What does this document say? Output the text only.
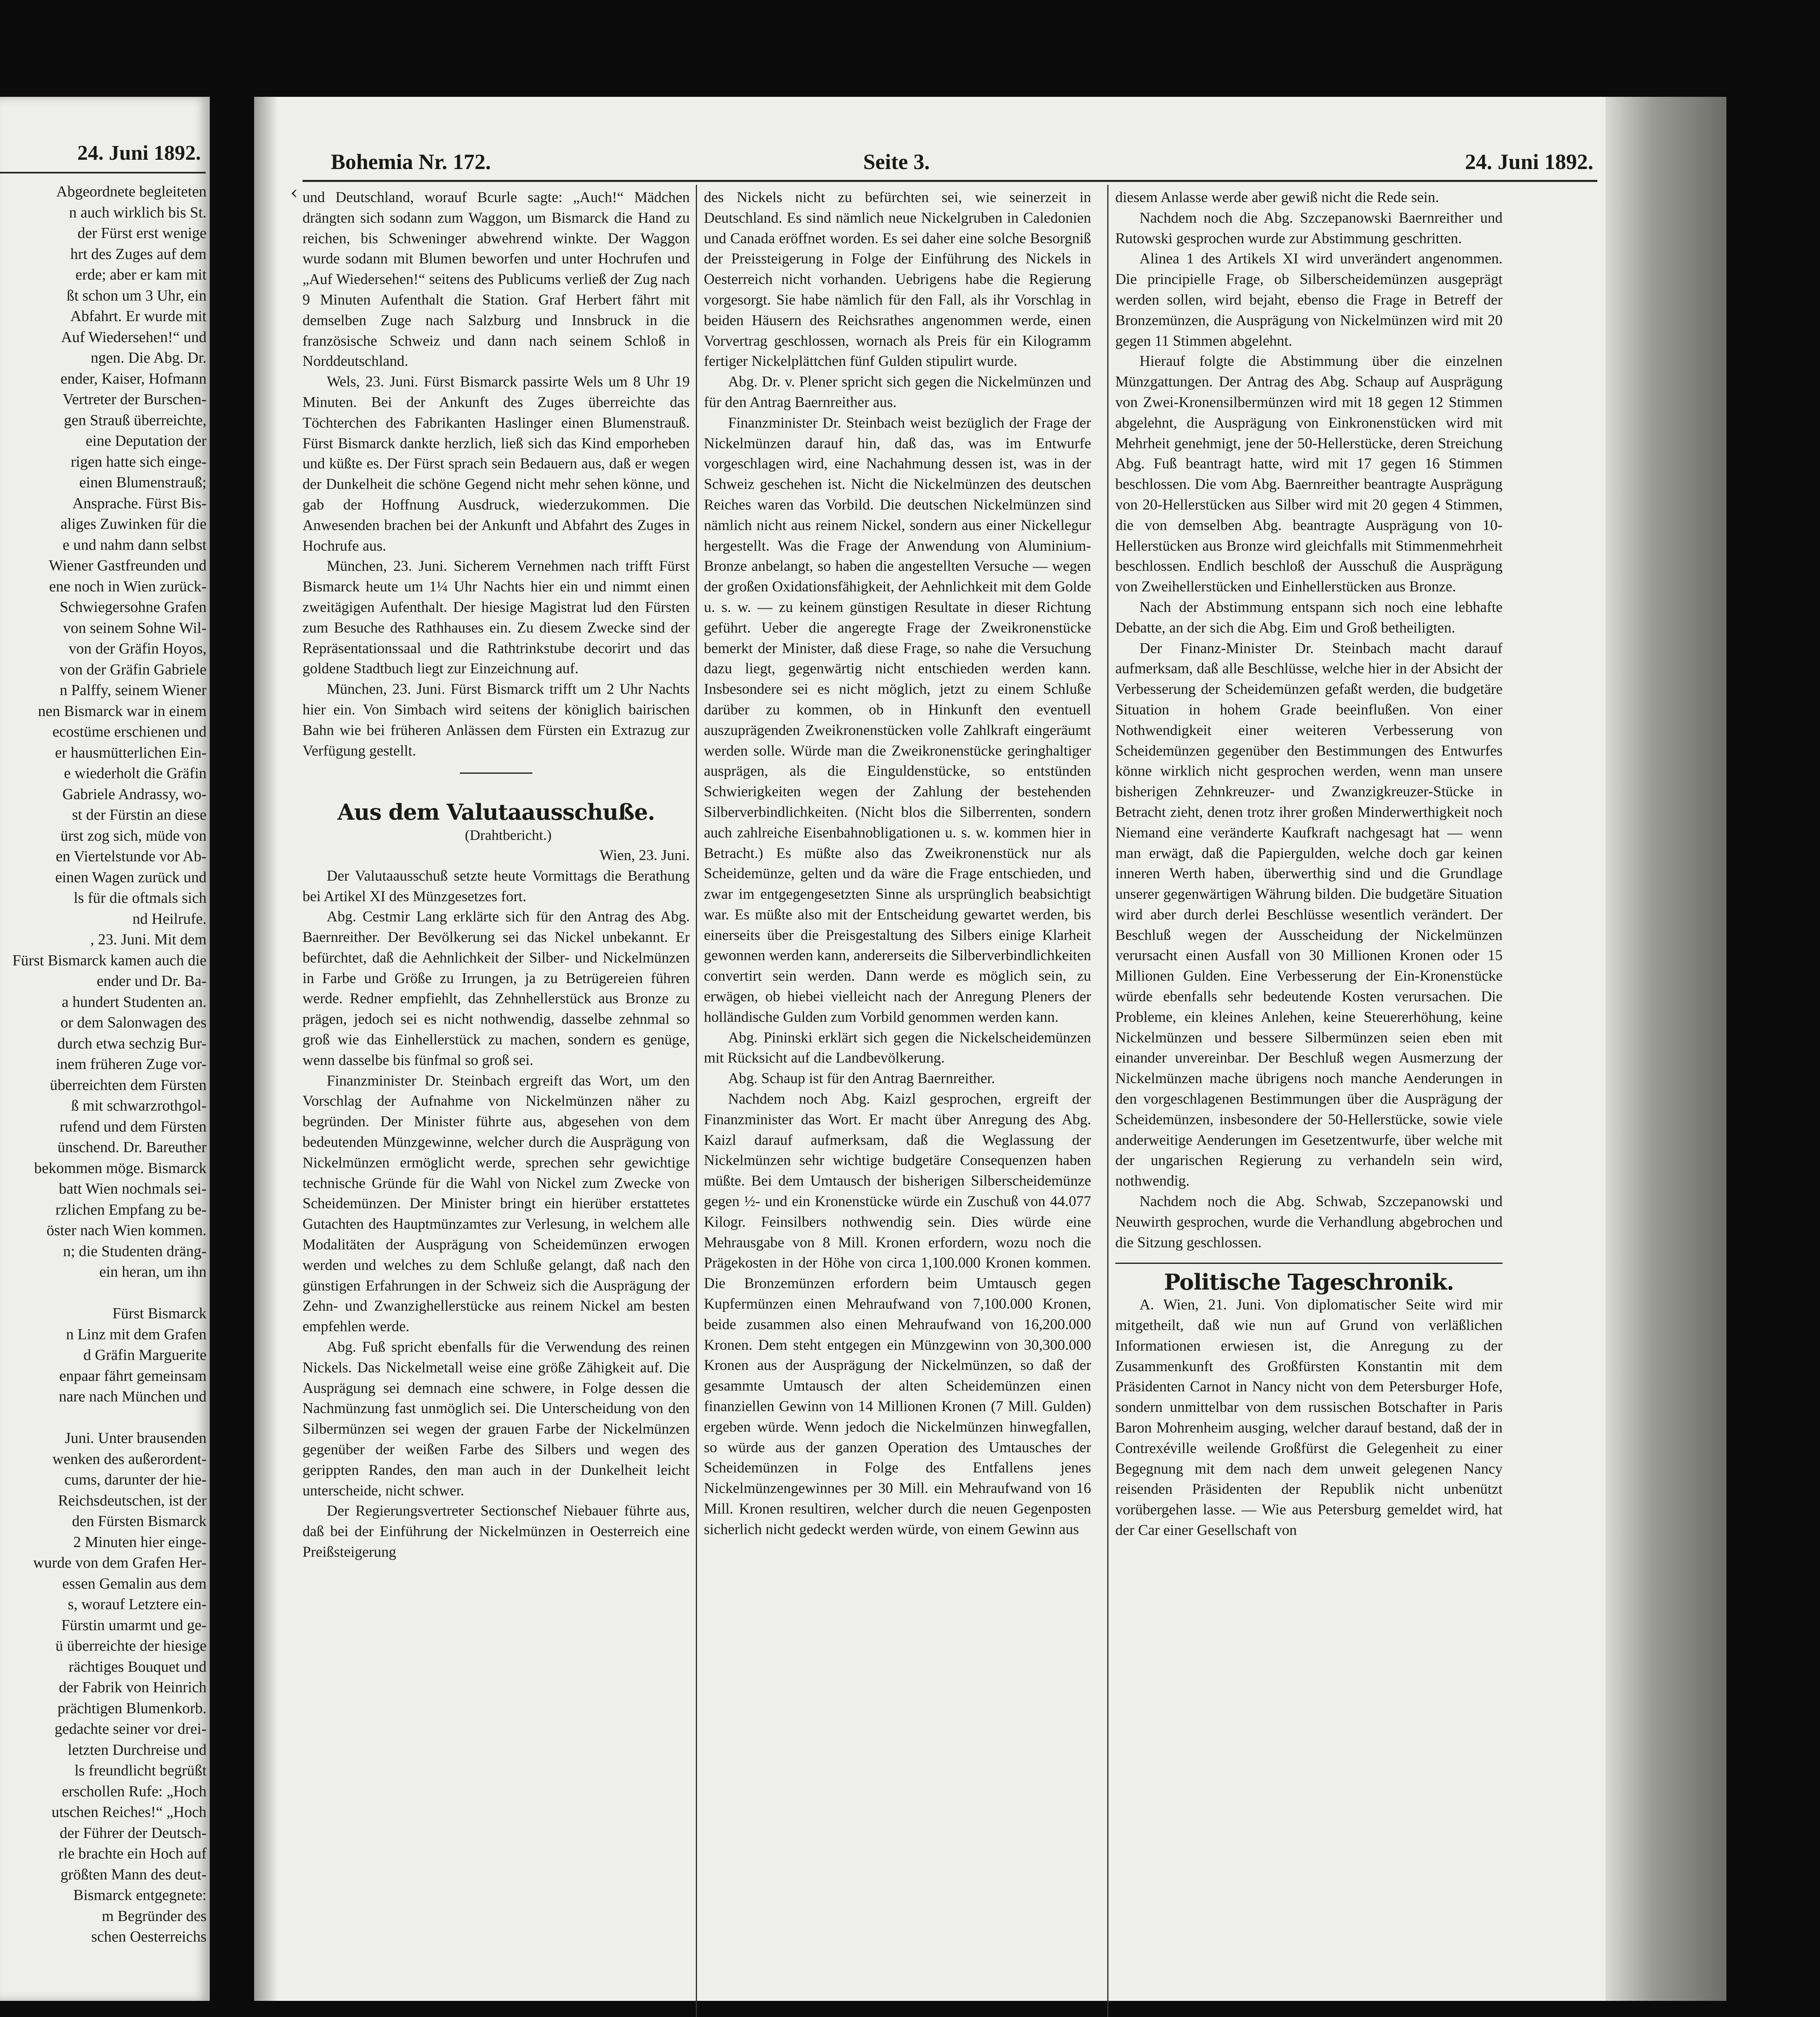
24. Juni 1892.
Abgeordnete begleiteten
n auch wirklich bis St.
der Fürst erst wenige
hrt des Zuges auf dem
erde; aber er kam mit
ßt schon um 3 Uhr, ein
Abfahrt. Er wurde mit
Auf Wiedersehen!“ und
ngen. Die Abg. Dr.
ender, Kaiser, Hofmann
Vertreter der Burschen-
gen Strauß überreichte,
eine Deputation der
rigen hatte sich einge-
einen Blumenstrauß;
Ansprache. Fürst Bis-
aliges Zuwinken für die
e und nahm dann selbst
Wiener Gastfreunden und
ene noch in Wien zurück-
Schwiegersohne Grafen
von seinem Sohne Wil-
von der Gräfin Hoyos,
von der Gräfin Gabriele
n Palffy, seinem Wiener
nen Bismarck war in einem
ecostüme erschienen und
er hausmütterlichen Ein-
e wiederholt die Gräfin
Gabriele Andrassy, wo-
st der Fürstin an diese
ürst zog sich, müde von
en Viertelstunde vor Ab-
einen Wagen zurück und
ls für die oftmals sich
nd Heilrufe.
, 23. Juni. Mit dem
Fürst Bismarck kamen auch die
ender und Dr. Ba-
a hundert Studenten an.
or dem Salonwagen des
durch etwa sechzig Bur-
inem früheren Zuge vor-
überreichten dem Fürsten
ß mit schwarzrothgol-
rufend und dem Fürsten
ünschend. Dr. Bareuther
bekommen möge. Bismarck
batt Wien nochmals sei-
rzlichen Empfang zu be-
öster nach Wien kommen.
n; die Studenten dräng-
ein heran, um ihn

Fürst Bismarck
n Linz mit dem Grafen
d Gräfin Marguerite
enpaar fährt gemeinsam
nare nach München und

Juni. Unter brausenden
wenken des außerordent-
cums, darunter der hie-
Reichsdeutschen, ist der
den Fürsten Bismarck
2 Minuten hier einge-
wurde von dem Grafen Her-
essen Gemalin aus dem
s, worauf Letztere ein-
Fürstin umarmt und ge-
ü überreichte der hiesige
rächtiges Bouquet und
der Fabrik von Heinrich
prächtigen Blumenkorb.
gedachte seiner vor drei-
letzten Durchreise und
ls freundlicht begrüßt
erschollen Rufe: „Hoch
utschen Reiches!“ „Hoch
der Führer der Deutsch-
rle brachte ein Hoch auf
größten Mann des deut-
Bismarck entgegnete:
m Begründer des
schen Oesterreichs
‹
Bohemia Nr. 172.	Seite 3.	24. Juni 1892.

und Deutschland, worauf Bcurle sagte: „Auch!“ Mädchen drängten sich sodann zum Waggon, um Bismarck die Hand zu reichen, bis Schweninger abwehrend winkte. Der Waggon wurde sodann mit Blumen beworfen und unter Hochrufen und „Auf Wiedersehen!“ seitens des Publicums verließ der Zug nach 9 Minuten Aufenthalt die Station. Graf Herbert fährt mit demselben Zuge nach Salzburg und Innsbruck in die französische Schweiz und dann nach seinem Schloß in Norddeutschland.

Wels, 23. Juni. Fürst Bismarck passirte Wels um 8 Uhr 19 Minuten. Bei der Ankunft des Zuges überreichte das Töchterchen des Fabrikanten Haslinger einen Blumenstrauß. Fürst Bismarck dankte herzlich, ließ sich das Kind emporheben und küßte es. Der Fürst sprach sein Bedauern aus, daß er wegen der Dunkelheit die schöne Gegend nicht mehr sehen könne, und gab der Hoffnung Ausdruck, wiederzukommen. Die Anwesenden brachen bei der Ankunft und Abfahrt des Zuges in Hochrufe aus.

München, 23. Juni. Sicherem Vernehmen nach trifft Fürst Bismarck heute um 1¼ Uhr Nachts hier ein und nimmt einen zweitägigen Aufenthalt. Der hiesige Magistrat lud den Fürsten zum Besuche des Rathhauses ein. Zu diesem Zwecke sind der Repräsentationssaal und die Rathtrinkstube decorirt und das goldene Stadtbuch liegt zur Einzeichnung auf.

München, 23. Juni. Fürst Bismarck trifft um 2 Uhr Nachts hier ein. Von Simbach wird seitens der königlich bairischen Bahn wie bei früheren Anlässen dem Fürsten ein Extrazug zur Verfügung gestellt.

Aus dem Valutaausschuße.

(Drahtbericht.)

Wien, 23. Juni.

Der Valutaausschuß setzte heute Vormittags die Berathung bei Artikel XI des Münzgesetzes fort.

Abg. Cestmir Lang erklärte sich für den Antrag des Abg. Baernreither. Der Bevölkerung sei das Nickel unbekannt. Er befürchtet, daß die Aehnlichkeit der Silber- und Nickelmünzen in Farbe und Größe zu Irrungen, ja zu Betrügereien führen werde. Redner empfiehlt, das Zehnhellerstück aus Bronze zu prägen, jedoch sei es nicht nothwendig, dasselbe zehnmal so groß wie das Einhellerstück zu machen, sondern es genüge, wenn dasselbe bis fünfmal so groß sei.

Finanzminister Dr. Steinbach ergreift das Wort, um den Vorschlag der Aufnahme von Nickelmünzen näher zu begründen. Der Minister führte aus, abgesehen von dem bedeutenden Münzgewinne, welcher durch die Ausprägung von Nickelmünzen ermöglicht werde, sprechen sehr gewichtige technische Gründe für die Wahl von Nickel zum Zwecke von Scheidemünzen. Der Minister bringt ein hierüber erstattetes Gutachten des Hauptmünzamtes zur Verlesung, in welchem alle Modalitäten der Ausprägung von Scheidemünzen erwogen werden und welches zu dem Schluße gelangt, daß nach den günstigen Erfahrungen in der Schweiz sich die Ausprägung der Zehn- und Zwanzighellerstücke aus reinem Nickel am besten empfehlen werde.

Abg. Fuß spricht ebenfalls für die Verwendung des reinen Nickels. Das Nickelmetall weise eine größe Zähigkeit auf. Die Ausprägung sei demnach eine schwere, in Folge dessen die Nachmünzung fast unmöglich sei. Die Unterscheidung von den Silbermünzen sei wegen der grauen Farbe der Nickelmünzen gegenüber der weißen Farbe des Silbers und wegen des gerippten Randes, den man auch in der Dunkelheit leicht unterscheide, nicht schwer.

Der Regierungsvertreter Sectionschef Niebauer führte aus, daß bei der Einführung der Nickelmünzen in Oesterreich eine Preißsteigerung

des Nickels nicht zu befürchten sei, wie seinerzeit in Deutschland. Es sind nämlich neue Nickelgruben in Caledonien und Canada eröffnet worden. Es sei daher eine solche Besorgniß der Preissteigerung in Folge der Einführung des Nickels in Oesterreich nicht vorhanden. Uebrigens habe die Regierung vorgesorgt. Sie habe nämlich für den Fall, als ihr Vorschlag in beiden Häusern des Reichsrathes angenommen werde, einen Vorvertrag geschlossen, wornach als Preis für ein Kilogramm fertiger Nickelplättchen fünf Gulden stipulirt wurde.

Abg. Dr. v. Plener spricht sich gegen die Nickelmünzen und für den Antrag Baernreither aus.

Finanzminister Dr. Steinbach weist bezüglich der Frage der Nickelmünzen darauf hin, daß das, was im Entwurfe vorgeschlagen wird, eine Nachahmung dessen ist, was in der Schweiz geschehen ist. Nicht die Nickelmünzen des deutschen Reiches waren das Vorbild. Die deutschen Nickelmünzen sind nämlich nicht aus reinem Nickel, sondern aus einer Nickellegur hergestellt. Was die Frage der Anwendung von Aluminium-Bronze anbelangt, so haben die angestellten Versuche — wegen der großen Oxidationsfähigkeit, der Aehnlichkeit mit dem Golde u. s. w. — zu keinem günstigen Resultate in dieser Richtung geführt. Ueber die angeregte Frage der Zweikronenstücke bemerkt der Minister, daß diese Frage, so nahe die Versuchung dazu liegt, gegenwärtig nicht entschieden werden kann. Insbesondere sei es nicht möglich, jetzt zu einem Schluße darüber zu kommen, ob in Hinkunft den eventuell auszuprägenden Zweikronenstücken volle Zahlkraft eingeräumt werden solle. Würde man die Zweikronenstücke geringhaltiger ausprägen, als die Einguldenstücke, so entstünden Schwierigkeiten wegen der Zahlung der bestehenden Silberverbindlichkeiten. (Nicht blos die Silberrenten, sondern auch zahlreiche Eisenbahnobligationen u. s. w. kommen hier in Betracht.) Es müßte also das Zweikronenstück nur als Scheidemünze, gelten und da wäre die Frage entschieden, und zwar im entgegengesetzten Sinne als ursprünglich beabsichtigt war. Es müßte also mit der Entscheidung gewartet werden, bis einerseits über die Preisgestaltung des Silbers einige Klarheit gewonnen werden kann, andererseits die Silberverbindlichkeiten convertirt sein werden. Dann werde es möglich sein, zu erwägen, ob hiebei vielleicht nach der Anregung Pleners der holländische Gulden zum Vorbild genommen werden kann.

Abg. Pininski erklärt sich gegen die Nickelscheidemünzen mit Rücksicht auf die Landbevölkerung.

Abg. Schaup ist für den Antrag Baernreither.

Nachdem noch Abg. Kaizl gesprochen, ergreift der Finanzminister das Wort. Er macht über Anregung des Abg. Kaizl darauf aufmerksam, daß die Weglassung der Nickelmünzen sehr wichtige budgetäre Consequenzen haben müßte. Bei dem Umtausch der bisherigen Silberscheidemünze gegen ½- und ein Kronenstücke würde ein Zuschuß von 44.077 Kilogr. Feinsilbers nothwendig sein. Dies würde eine Mehrausgabe von 8 Mill. Kronen erfordern, wozu noch die Prägekosten in der Höhe von circa 1,100.000 Kronen kommen. Die Bronzemünzen erfordern beim Umtausch gegen Kupfermünzen einen Mehraufwand von 7,100.000 Kronen, beide zusammen also einen Mehraufwand von 16,200.000 Kronen. Dem steht entgegen ein Münzgewinn von 30,300.000 Kronen aus der Ausprägung der Nickelmünzen, so daß der gesammte Umtausch der alten Scheidemünzen einen finanziellen Gewinn von 14 Millionen Kronen (7 Mill. Gulden) ergeben würde. Wenn jedoch die Nickelmünzen hinwegfallen, so würde aus der ganzen Operation des Umtausches der Scheidemünzen in Folge des Entfallens jenes Nickelmünzengewinnes per 30 Mill. ein Mehraufwand von 16 Mill. Kronen resultiren, welcher durch die neuen Gegenposten sicherlich nicht gedeckt werden würde, von einem Gewinn aus

diesem Anlasse werde aber gewiß nicht die Rede sein.

Nachdem noch die Abg. Szczepanowski Baernreither und Rutowski gesprochen wurde zur Abstimmung geschritten.

Alinea 1 des Artikels XI wird unverändert angenommen. Die principielle Frage, ob Silberscheidemünzen ausgeprägt werden sollen, wird bejaht, ebenso die Frage in Betreff der Bronzemünzen, die Ausprägung von Nickelmünzen wird mit 20 gegen 11 Stimmen abgelehnt.

Hierauf folgte die Abstimmung über die einzelnen Münzgattungen. Der Antrag des Abg. Schaup auf Ausprägung von Zwei-Kronensilbermünzen wird mit 18 gegen 12 Stimmen abgelehnt, die Ausprägung von Einkronenstücken wird mit Mehrheit genehmigt, jene der 50-Hellerstücke, deren Streichung Abg. Fuß beantragt hatte, wird mit 17 gegen 16 Stimmen beschlossen. Die vom Abg. Baernreither beantragte Ausprägung von 20-Hellerstücken aus Silber wird mit 20 gegen 4 Stimmen, die von demselben Abg. beantragte Ausprägung von 10-Hellerstücken aus Bronze wird gleichfalls mit Stimmenmehrheit beschlossen. Endlich beschloß der Ausschuß die Ausprägung von Zweihellerstücken und Einhellerstücken aus Bronze.

Nach der Abstimmung entspann sich noch eine lebhafte Debatte, an der sich die Abg. Eim und Groß betheiligten.

Der Finanz-Minister Dr. Steinbach macht darauf aufmerksam, daß alle Beschlüsse, welche hier in der Absicht der Verbesserung der Scheidemünzen gefaßt werden, die budgetäre Situation in hohem Grade beeinflußen. Von einer Nothwendigkeit einer weiteren Verbesserung von Scheidemünzen gegenüber den Bestimmungen des Entwurfes könne wirklich nicht gesprochen werden, wenn man unsere bisherigen Zehnkreuzer- und Zwanzigkreuzer-Stücke in Betracht zieht, denen trotz ihrer großen Minderwerthigkeit noch Niemand eine veränderte Kaufkraft nachgesagt hat — wenn man erwägt, daß die Papiergulden, welche doch gar keinen inneren Werth haben, überwerthig sind und die Grundlage unserer gegenwärtigen Währung bilden. Die budgetäre Situation wird aber durch derlei Beschlüsse wesentlich verändert. Der Beschluß wegen der Ausscheidung der Nickelmünzen verursacht einen Ausfall von 30 Millionen Kronen oder 15 Millionen Gulden. Eine Verbesserung der Ein-Kronenstücke würde ebenfalls sehr bedeutende Kosten verursachen. Die Probleme, ein kleines Anlehen, keine Steuererhöhung, keine Nickelmünzen und bessere Silbermünzen seien eben mit einander unvereinbar. Der Beschluß wegen Ausmerzung der Nickelmünzen mache übrigens noch manche Aenderungen in den vorgeschlagenen Bestimmungen über die Ausprägung der Scheidemünzen, insbesondere der 50-Hellerstücke, sowie viele anderweitige Aenderungen im Gesetzentwurfe, über welche mit der ungarischen Regierung zu verhandeln sein wird, nothwendig.

Nachdem noch die Abg. Schwab, Szczepanowski und Neuwirth gesprochen, wurde die Verhandlung abgebrochen und die Sitzung geschlossen.

Politische Tageschronik.

A. Wien, 21. Juni. Von diplomatischer Seite wird mir mitgetheilt, daß wie nun auf Grund von verläßlichen Informationen erwiesen ist, die Anregung zu der Zusammenkunft des Großfürsten Konstantin mit dem Präsidenten Carnot in Nancy nicht von dem Petersburger Hofe, sondern unmittelbar von dem russischen Botschafter in Paris Baron Mohrenheim ausging, welcher darauf bestand, daß der in Contrexéville weilende Großfürst die Gelegenheit zu einer Begegnung mit dem nach dem unweit gelegenen Nancy reisenden Präsidenten der Republik nicht unbenützt vorübergehen lasse. — Wie aus Petersburg gemeldet wird, hat der Car einer Gesellschaft von
